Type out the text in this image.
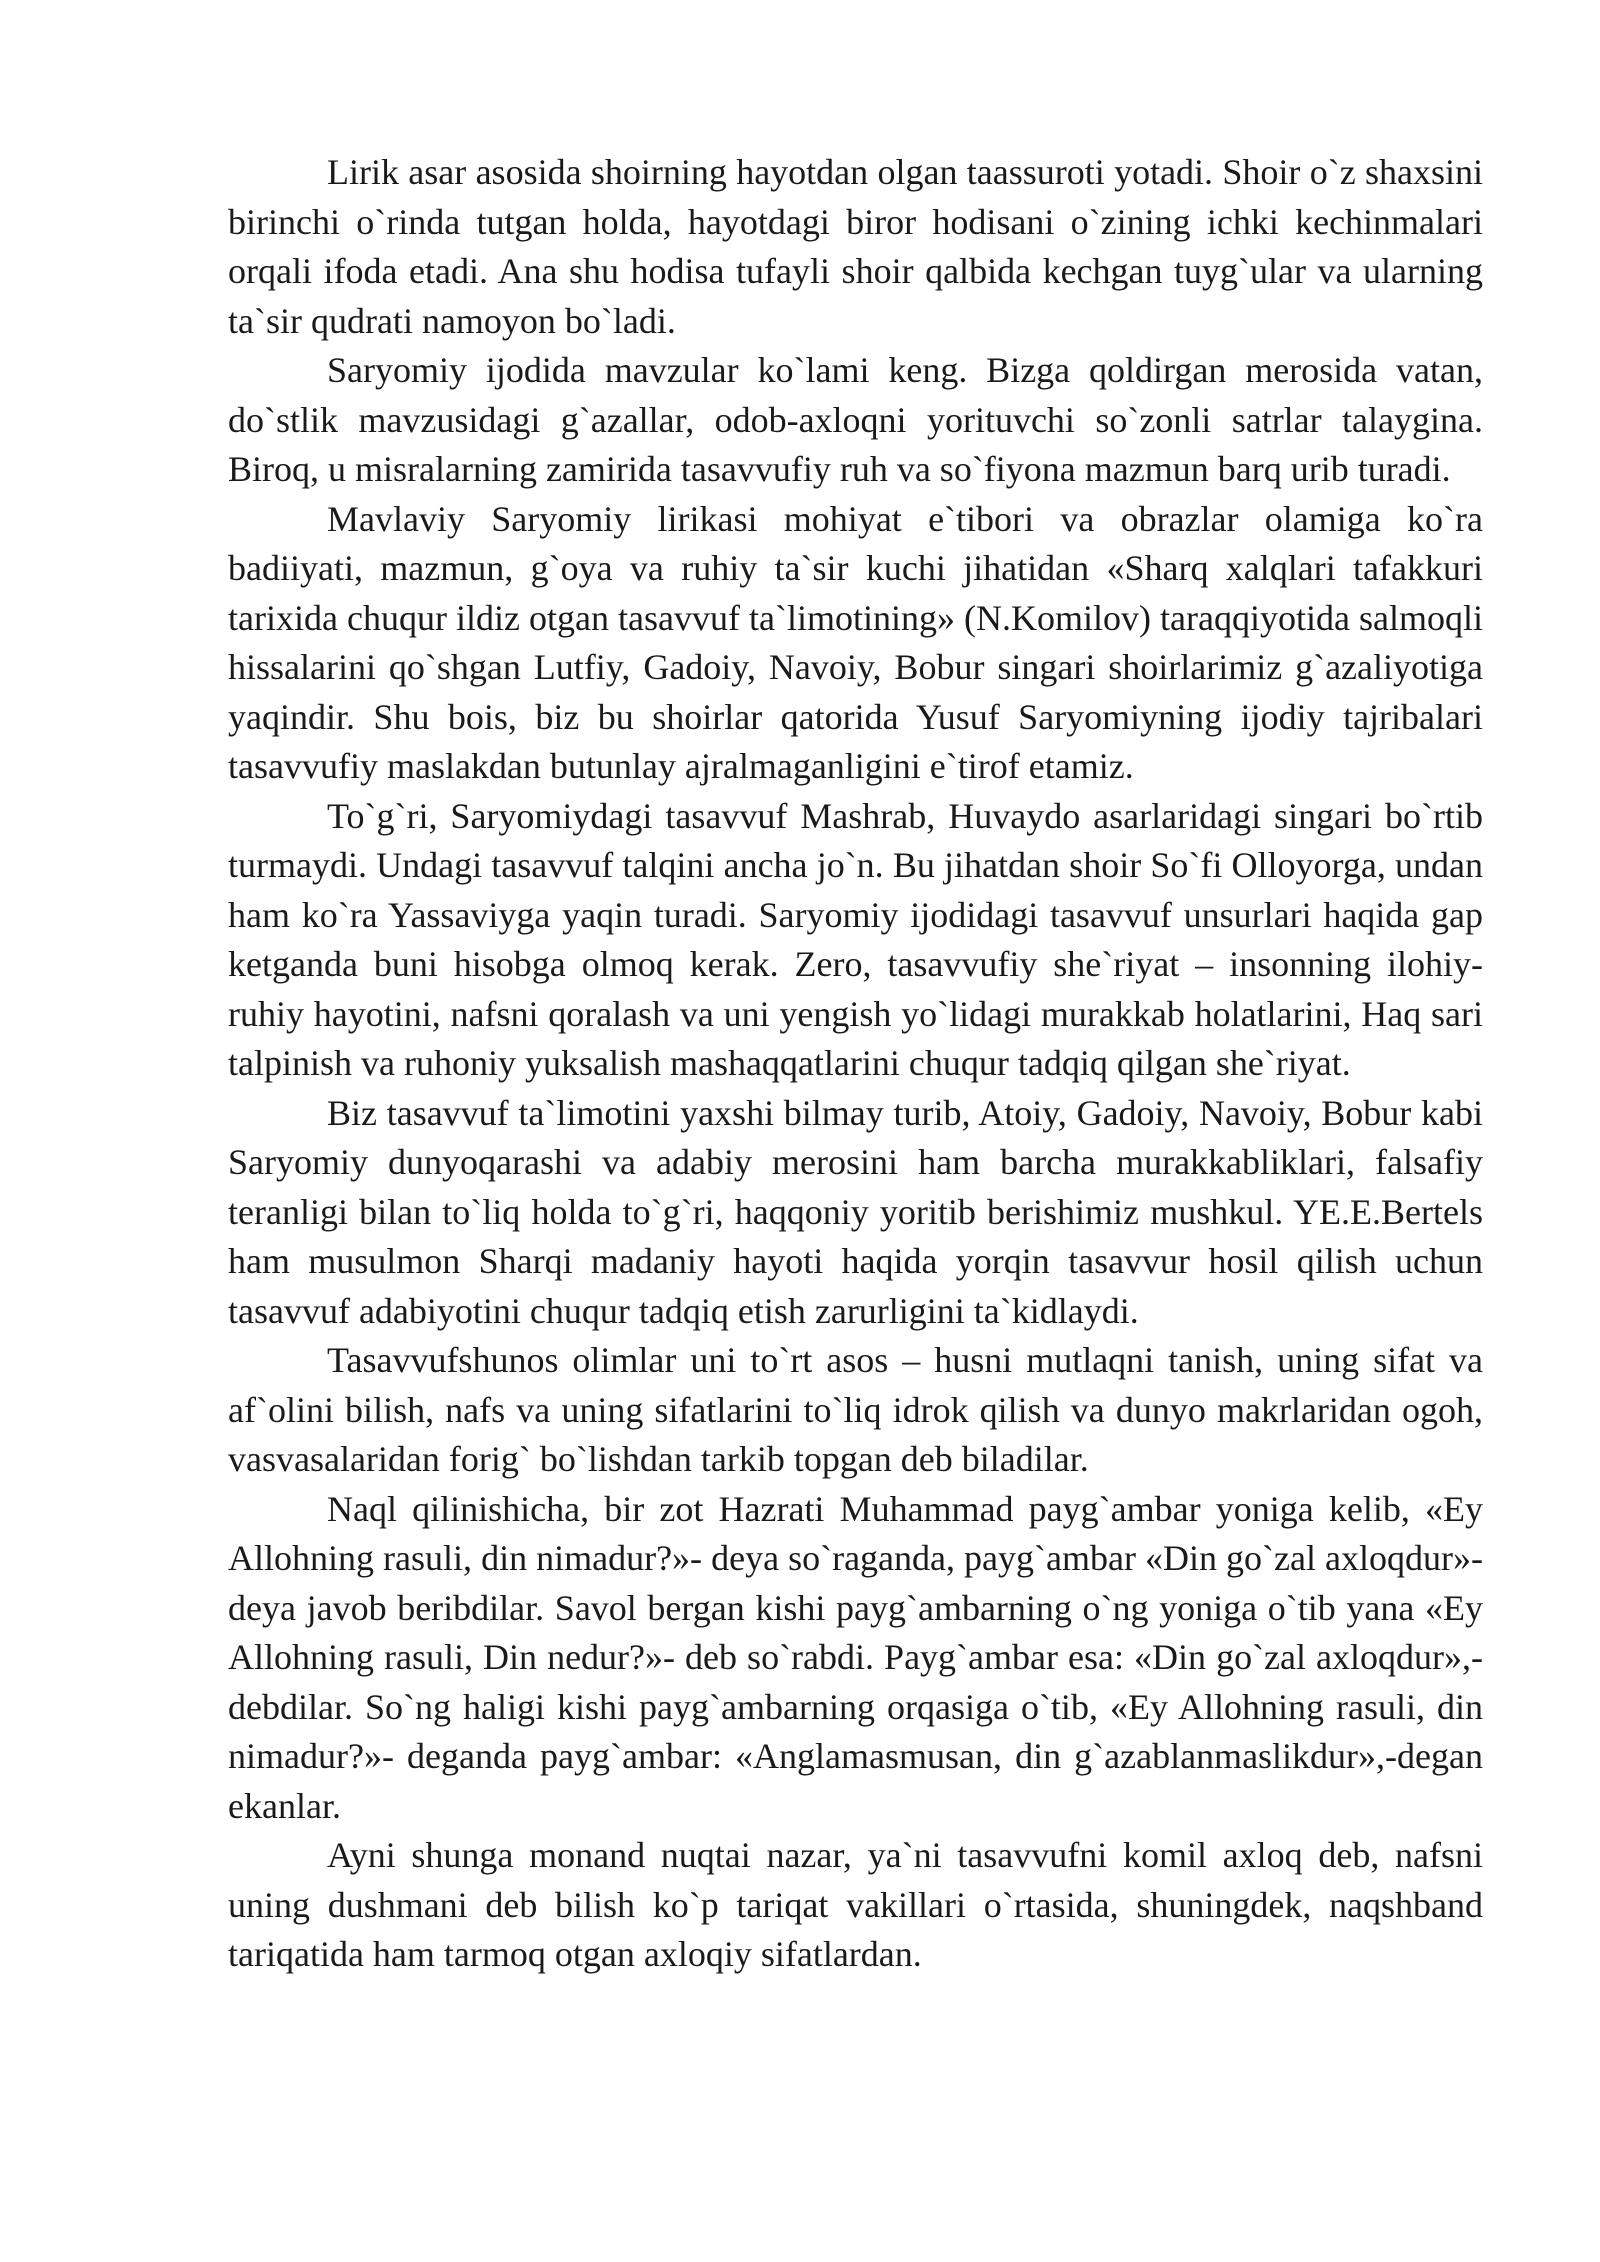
Lirik asar asosida shoirning hayotdan olgan taassuroti yotadi. Shoir o`z shaxsini birinchi o`rinda tutgan holda, hayotdagi biror hodisani o`zining ichki kechinmalari orqali ifoda etadi. Ana shu hodisa tufayli shoir qalbida kechgan tuyg`ular va ularning ta`sir qudrati namoyon bo`ladi.

Saryomiy ijodida mavzular ko`lami keng. Bizga qoldirgan merosida vatan, do`stlik mavzusidagi g`azallar, odob-axloqni yorituvchi so`zonli satrlar talaygina. Biroq, u misralarning zamirida tasavvufiy ruh va so`fiyona mazmun barq urib turadi.

Mavlaviy Saryomiy lirikasi mohiyat e`tibori va obrazlar olamiga ko`ra badiiyati, mazmun, g`oya va ruhiy ta`sir kuchi jihatidan «Sharq xalqlari tafakkuri tarixida chuqur ildiz otgan tasavvuf ta`limotining» (N.Komilov) taraqqiyotida salmoqli hissalarini qo`shgan Lutfiy, Gadoiy, Navoiy, Bobur singari shoirlarimiz g`azaliyotiga yaqindir. Shu bois, biz bu shoirlar qatorida Yusuf Saryomiyning ijodiy tajribalari tasavvufiy maslakdan butunlay ajralmaganligini e`tirof etamiz.

To`g`ri, Saryomiydagi tasavvuf Mashrab, Huvaydo asarlaridagi singari bo`rtib turmaydi. Undagi tasavvuf talqini ancha jo`n. Bu jihatdan shoir So`fi Olloyorga, undan ham ko`ra Yassaviyga yaqin turadi. Saryomiy ijodidagi tasavvuf unsurlari haqida gap ketganda buni hisobga olmoq kerak. Zero, tasavvufiy she`riyat – insonning ilohiy-ruhiy hayotini, nafsni qoralash va uni yengish yo`lidagi murakkab holatlarini, Haq sari talpinish va ruhoniy yuksalish mashaqqatlarini chuqur tadqiq qilgan she`riyat.

Biz tasavvuf ta`limotini yaxshi bilmay turib, Atoiy, Gadoiy, Navoiy, Bobur kabi Saryomiy dunyoqarashi va adabiy merosini ham barcha murakkabliklari, falsafiy teranligi bilan to`liq holda to`g`ri, haqqoniy yoritib berishimiz mushkul. YE.E.Bertels ham musulmon Sharqi madaniy hayoti haqida yorqin tasavvur hosil qilish uchun tasavvuf adabiyotini chuqur tadqiq etish zarurligini ta`kidlaydi.

Tasavvufshunos olimlar uni to`rt asos – husni mutlaqni tanish, uning sifat va af`olini bilish, nafs va uning sifatlarini to`liq idrok qilish va dunyo makrlaridan ogoh, vasvasalaridan forig` bo`lishdan tarkib topgan deb biladilar.

Naql qilinishicha, bir zot Hazrati Muhammad payg`ambar yoniga kelib, «Ey Allohning rasuli, din nimadur?»- deya so`raganda, payg`ambar «Din go`zal axloqdur»- deya javob beribdilar. Savol bergan kishi payg`ambarning o`ng yoniga o`tib yana «Ey Allohning rasuli, Din nedur?»- deb so`rabdi. Payg`ambar esa: «Din go`zal axloqdur»,- debdilar. So`ng haligi kishi payg`ambarning orqasiga o`tib, «Ey Allohning rasuli, din nimadur?»- deganda payg`ambar: «Anglamasmusan, din g`azablanmaslikdur»,-degan ekanlar.

Ayni shunga monand nuqtai nazar, ya`ni tasavvufni komil axloq deb, nafsni uning dushmani deb bilish ko`p tariqat vakillari o`rtasida, shuningdek, naqshband tariqatida ham tarmoq otgan axloqiy sifatlardan.
